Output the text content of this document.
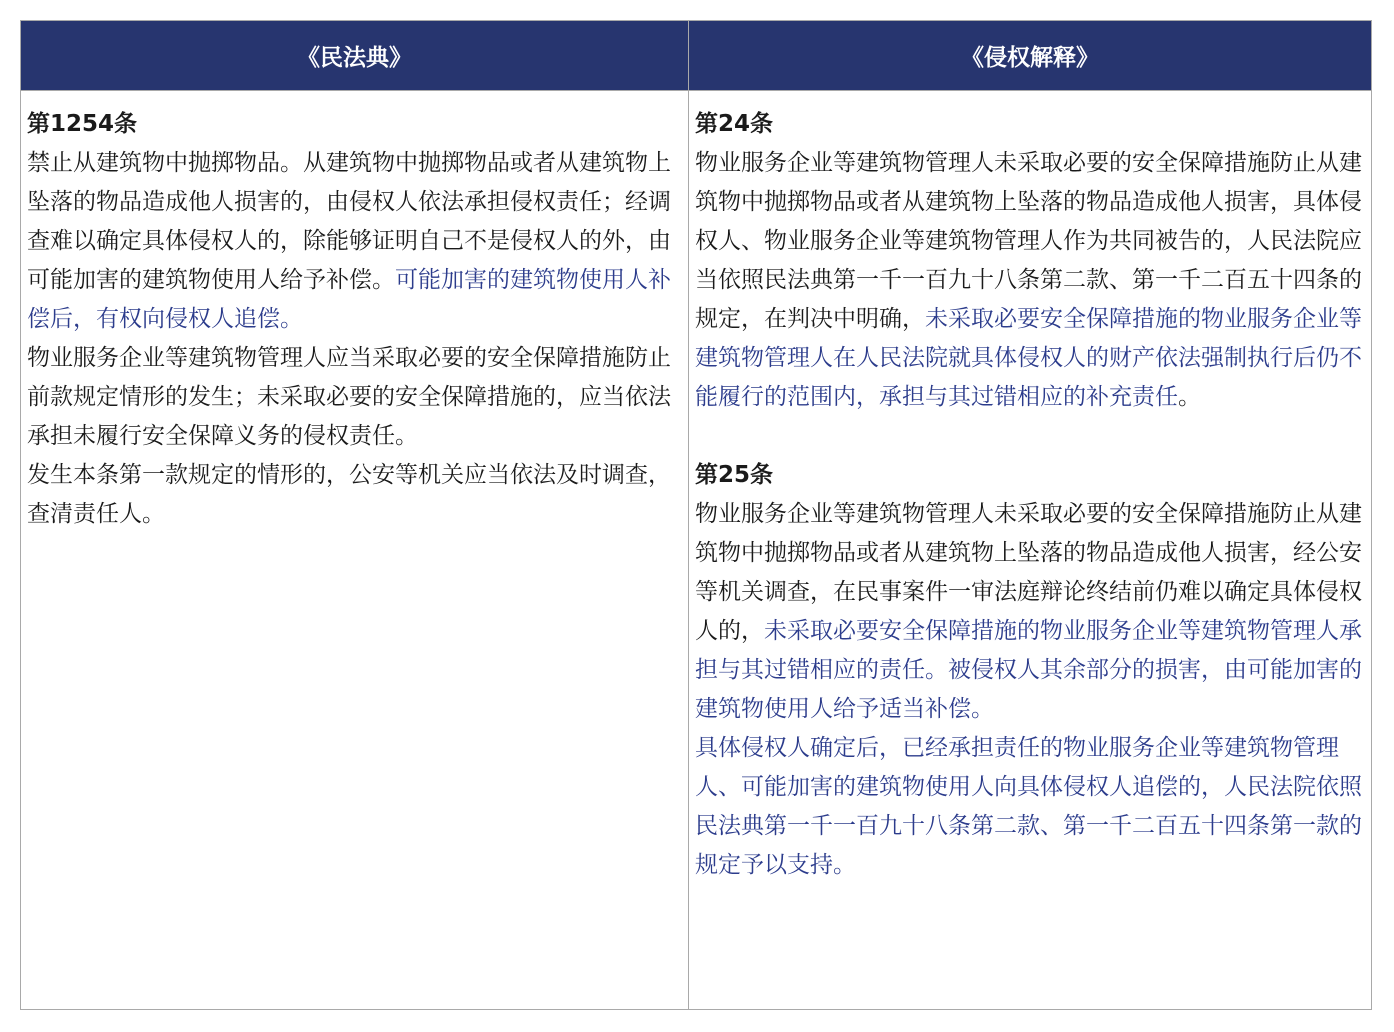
《民法典》	《侵权解释》

第1254条

禁止从建筑物中抛掷物品。从建筑物中抛掷物品或者从建筑物上坠落的物品造成他人损害的，由侵权人依法承担侵权责任；经调查难以确定具体侵权人的，除能够证明自己不是侵权人的外，由可能加害的建筑物使用人给予补偿。可能加害的建筑物使用人补偿后，有权向侵权人追偿。

物业服务企业等建筑物管理人应当采取必要的安全保障措施防止前款规定情形的发生；未采取必要的安全保障措施的，应当依法承担未履行安全保障义务的侵权责任。

发生本条第一款规定的情形的，公安等机关应当依法及时调查，查清责任人。

第24条

物业服务企业等建筑物管理人未采取必要的安全保障措施防止从建筑物中抛掷物品或者从建筑物上坠落的物品造成他人损害，具体侵权人、物业服务企业等建筑物管理人作为共同被告的，人民法院应当依照民法典第一千一百九十八条第二款、第一千二百五十四条的规定，在判决中明确，未采取必要安全保障措施的物业服务企业等建筑物管理人在人民法院就具体侵权人的财产依法强制执行后仍不能履行的范围内，承担与其过错相应的补充责任。

第25条

物业服务企业等建筑物管理人未采取必要的安全保障措施防止从建筑物中抛掷物品或者从建筑物上坠落的物品造成他人损害，经公安等机关调查，在民事案件一审法庭辩论终结前仍难以确定具体侵权人的，未采取必要安全保障措施的物业服务企业等建筑物管理人承担与其过错相应的责任。被侵权人其余部分的损害，由可能加害的建筑物使用人给予适当补偿。

具体侵权人确定后，已经承担责任的物业服务企业等建筑物管理人、可能加害的建筑物使用人向具体侵权人追偿的，人民法院依照民法典第一千一百九十八条第二款、第一千二百五十四条第一款的规定予以支持。
